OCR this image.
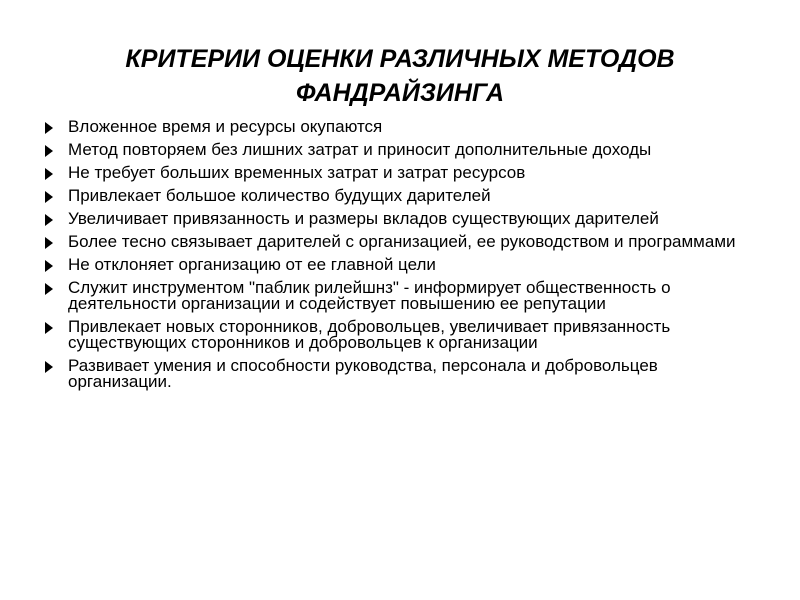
КРИТЕРИИ ОЦЕНКИ РАЗЛИЧНЫХ МЕТОДОВ ФАНДРАЙЗИНГА
Вложенное время и ресурсы окупаются
Метод повторяем без лишних затрат и приносит дополнительные доходы
Не требует больших временных затрат и затрат ресурсов
Привлекает большое количество будущих дарителей
Увеличивает привязанность и размеры вкладов существующих дарителей
Более тесно связывает дарителей с организацией, ее руководством и программами
Не отклоняет организацию от ее главной цели
Служит инструментом "паблик рилейшнз" - информирует общественность о деятельности организации и содействует повышению ее репутации
Привлекает новых сторонников, добровольцев, увеличивает привязанность существующих сторонников и добровольцев к организации
Развивает умения и способности руководства, персонала и добровольцев организации.
